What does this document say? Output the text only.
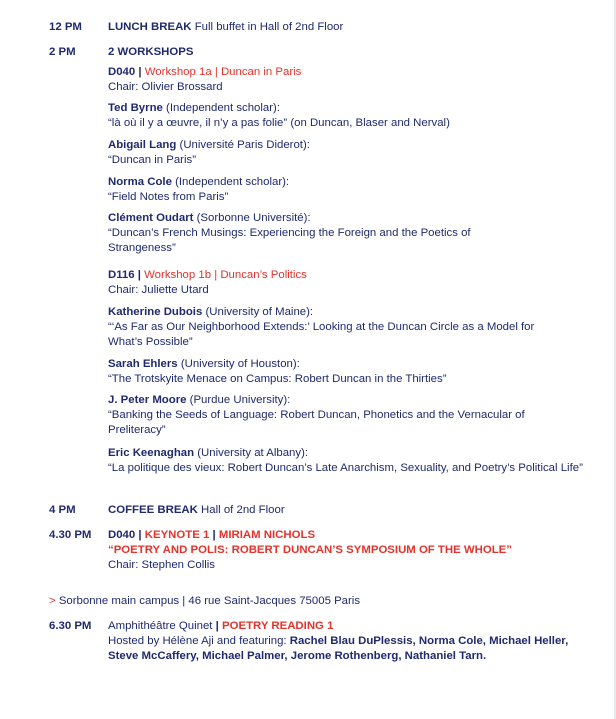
12 PM LUNCH BREAK Full buffet in Hall of 2nd Floor
2 PM	2 WORKSHOPS
D040 | Workshop 1a | Duncan in Paris
Chair: Olivier Brossard
Ted Byrne (Independent scholar):
“là où il y a œuvre, il n’y a pas folie” (on Duncan, Blaser and Nerval)
Abigail Lang (Université Paris Diderot):
“Duncan in Paris”
Norma Cole (Independent scholar):
“Field Notes from Paris”
Clément Oudart (Sorbonne Université):
“Duncan’s French Musings: Experiencing the Foreign and the Poetics of Strangeness”
D116 | Workshop 1b | Duncan’s Politics
Chair: Juliette Utard
Katherine Dubois (University of Maine):
“‘As Far as Our Neighborhood Extends:’ Looking at the Duncan Circle as a Model for What’s Possible”
Sarah Ehlers (University of Houston):
“The Trotskyite Menace on Campus: Robert Duncan in the Thirties”
J. Peter Moore (Purdue University):
“Banking the Seeds of Language: Robert Duncan, Phonetics and the Vernacular of Preliteracy”
Eric Keenaghan (University at Albany):
“La politique des vieux: Robert Duncan’s Late Anarchism, Sexuality, and Poetry’s Political Life”
4 PM	COFFEE BREAK Hall of 2nd Floor
4.30 PM D040 | KEYNOTE 1 | MIRIAM NICHOLS
“POETRY AND POLIS: ROBERT DUNCAN’S SYMPOSIUM OF THE WHOLE”
Chair: Stephen Collis
> Sorbonne main campus | 46 rue Saint-Jacques 75005 Paris
6.30 PM Amphithéâtre Quinet | POETRY READING 1
Hosted by Hélène Aji and featuring: Rachel Blau DuPlessis, Norma Cole, Michael Heller, Steve McCaffery, Michael Palmer, Jerome Rothenberg, Nathaniel Tarn.
